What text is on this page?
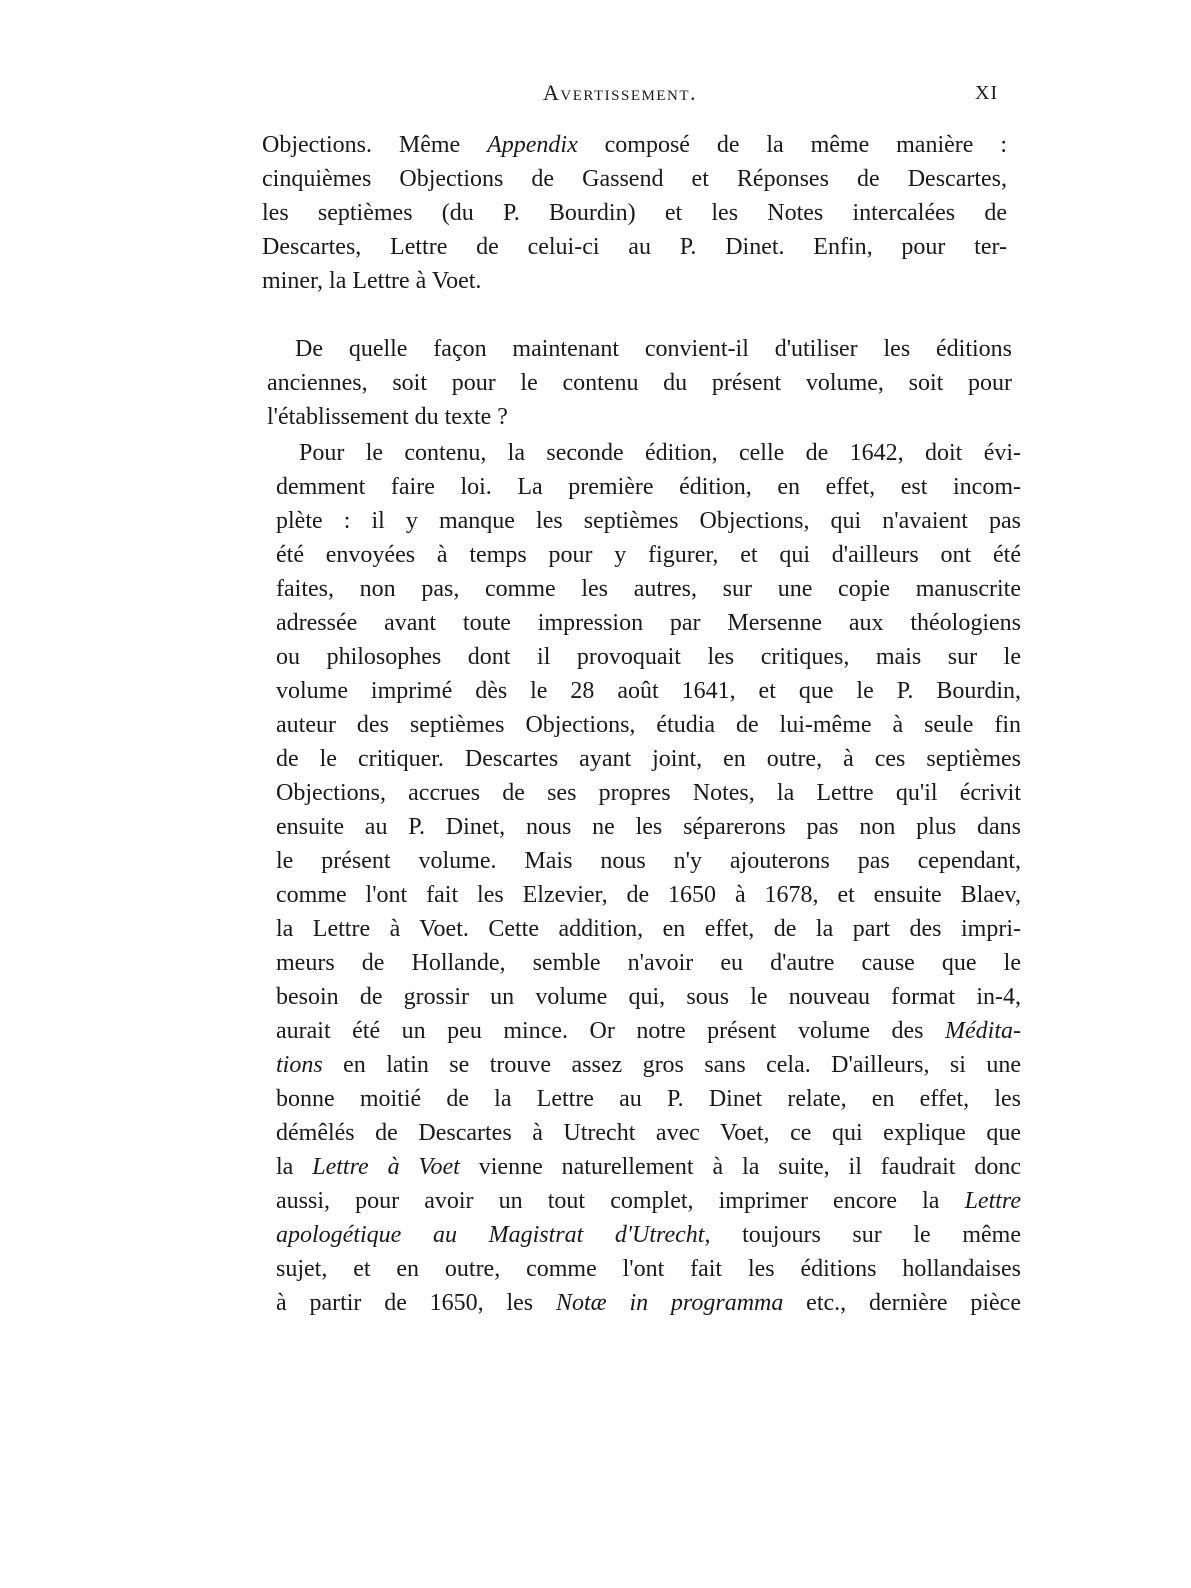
Avertissement.	XI
Objections. Même Appendix composé de la même manière :
cinquièmes Objections de Gassend et Réponses de Descartes,
les septièmes (du P. Bourdin) et les Notes intercalées de
Descartes, Lettre de celui-ci au P. Dinet. Enfin, pour ter-
miner, la Lettre à Voet.
De quelle façon maintenant convient-il d'utiliser les éditions
anciennes, soit pour le contenu du présent volume, soit pour
l'établissement du texte ?
Pour le contenu, la seconde édition, celle de 1642, doit évi-
demment faire loi. La première édition, en effet, est incom-
plète : il y manque les septièmes Objections, qui n'avaient pas
été envoyées à temps pour y figurer, et qui d'ailleurs ont été
faites, non pas, comme les autres, sur une copie manuscrite
adressée avant toute impression par Mersenne aux théologiens
ou philosophes dont il provoquait les critiques, mais sur le
volume imprimé dès le 28 août 1641, et que le P. Bourdin,
auteur des septièmes Objections, étudia de lui-même à seule fin
de le critiquer. Descartes ayant joint, en outre, à ces septièmes
Objections, accrues de ses propres Notes, la Lettre qu'il écrivit
ensuite au P. Dinet, nous ne les séparerons pas non plus dans
le présent volume. Mais nous n'y ajouterons pas cependant,
comme l'ont fait les Elzevier, de 1650 à 1678, et ensuite Blaev,
la Lettre à Voet. Cette addition, en effet, de la part des impri-
meurs de Hollande, semble n'avoir eu d'autre cause que le
besoin de grossir un volume qui, sous le nouveau format in-4,
aurait été un peu mince. Or notre présent volume des Médita-
tions en latin se trouve assez gros sans cela. D'ailleurs, si une
bonne moitié de la Lettre au P. Dinet relate, en effet, les
démêlés de Descartes à Utrecht avec Voet, ce qui explique que
la Lettre à Voet vienne naturellement à la suite, il faudrait donc
aussi, pour avoir un tout complet, imprimer encore la Lettre
apologétique au Magistrat d'Utrecht, toujours sur le même
sujet, et en outre, comme l'ont fait les éditions hollandaises
à partir de 1650, les Notæ in programma etc., dernière pièce
